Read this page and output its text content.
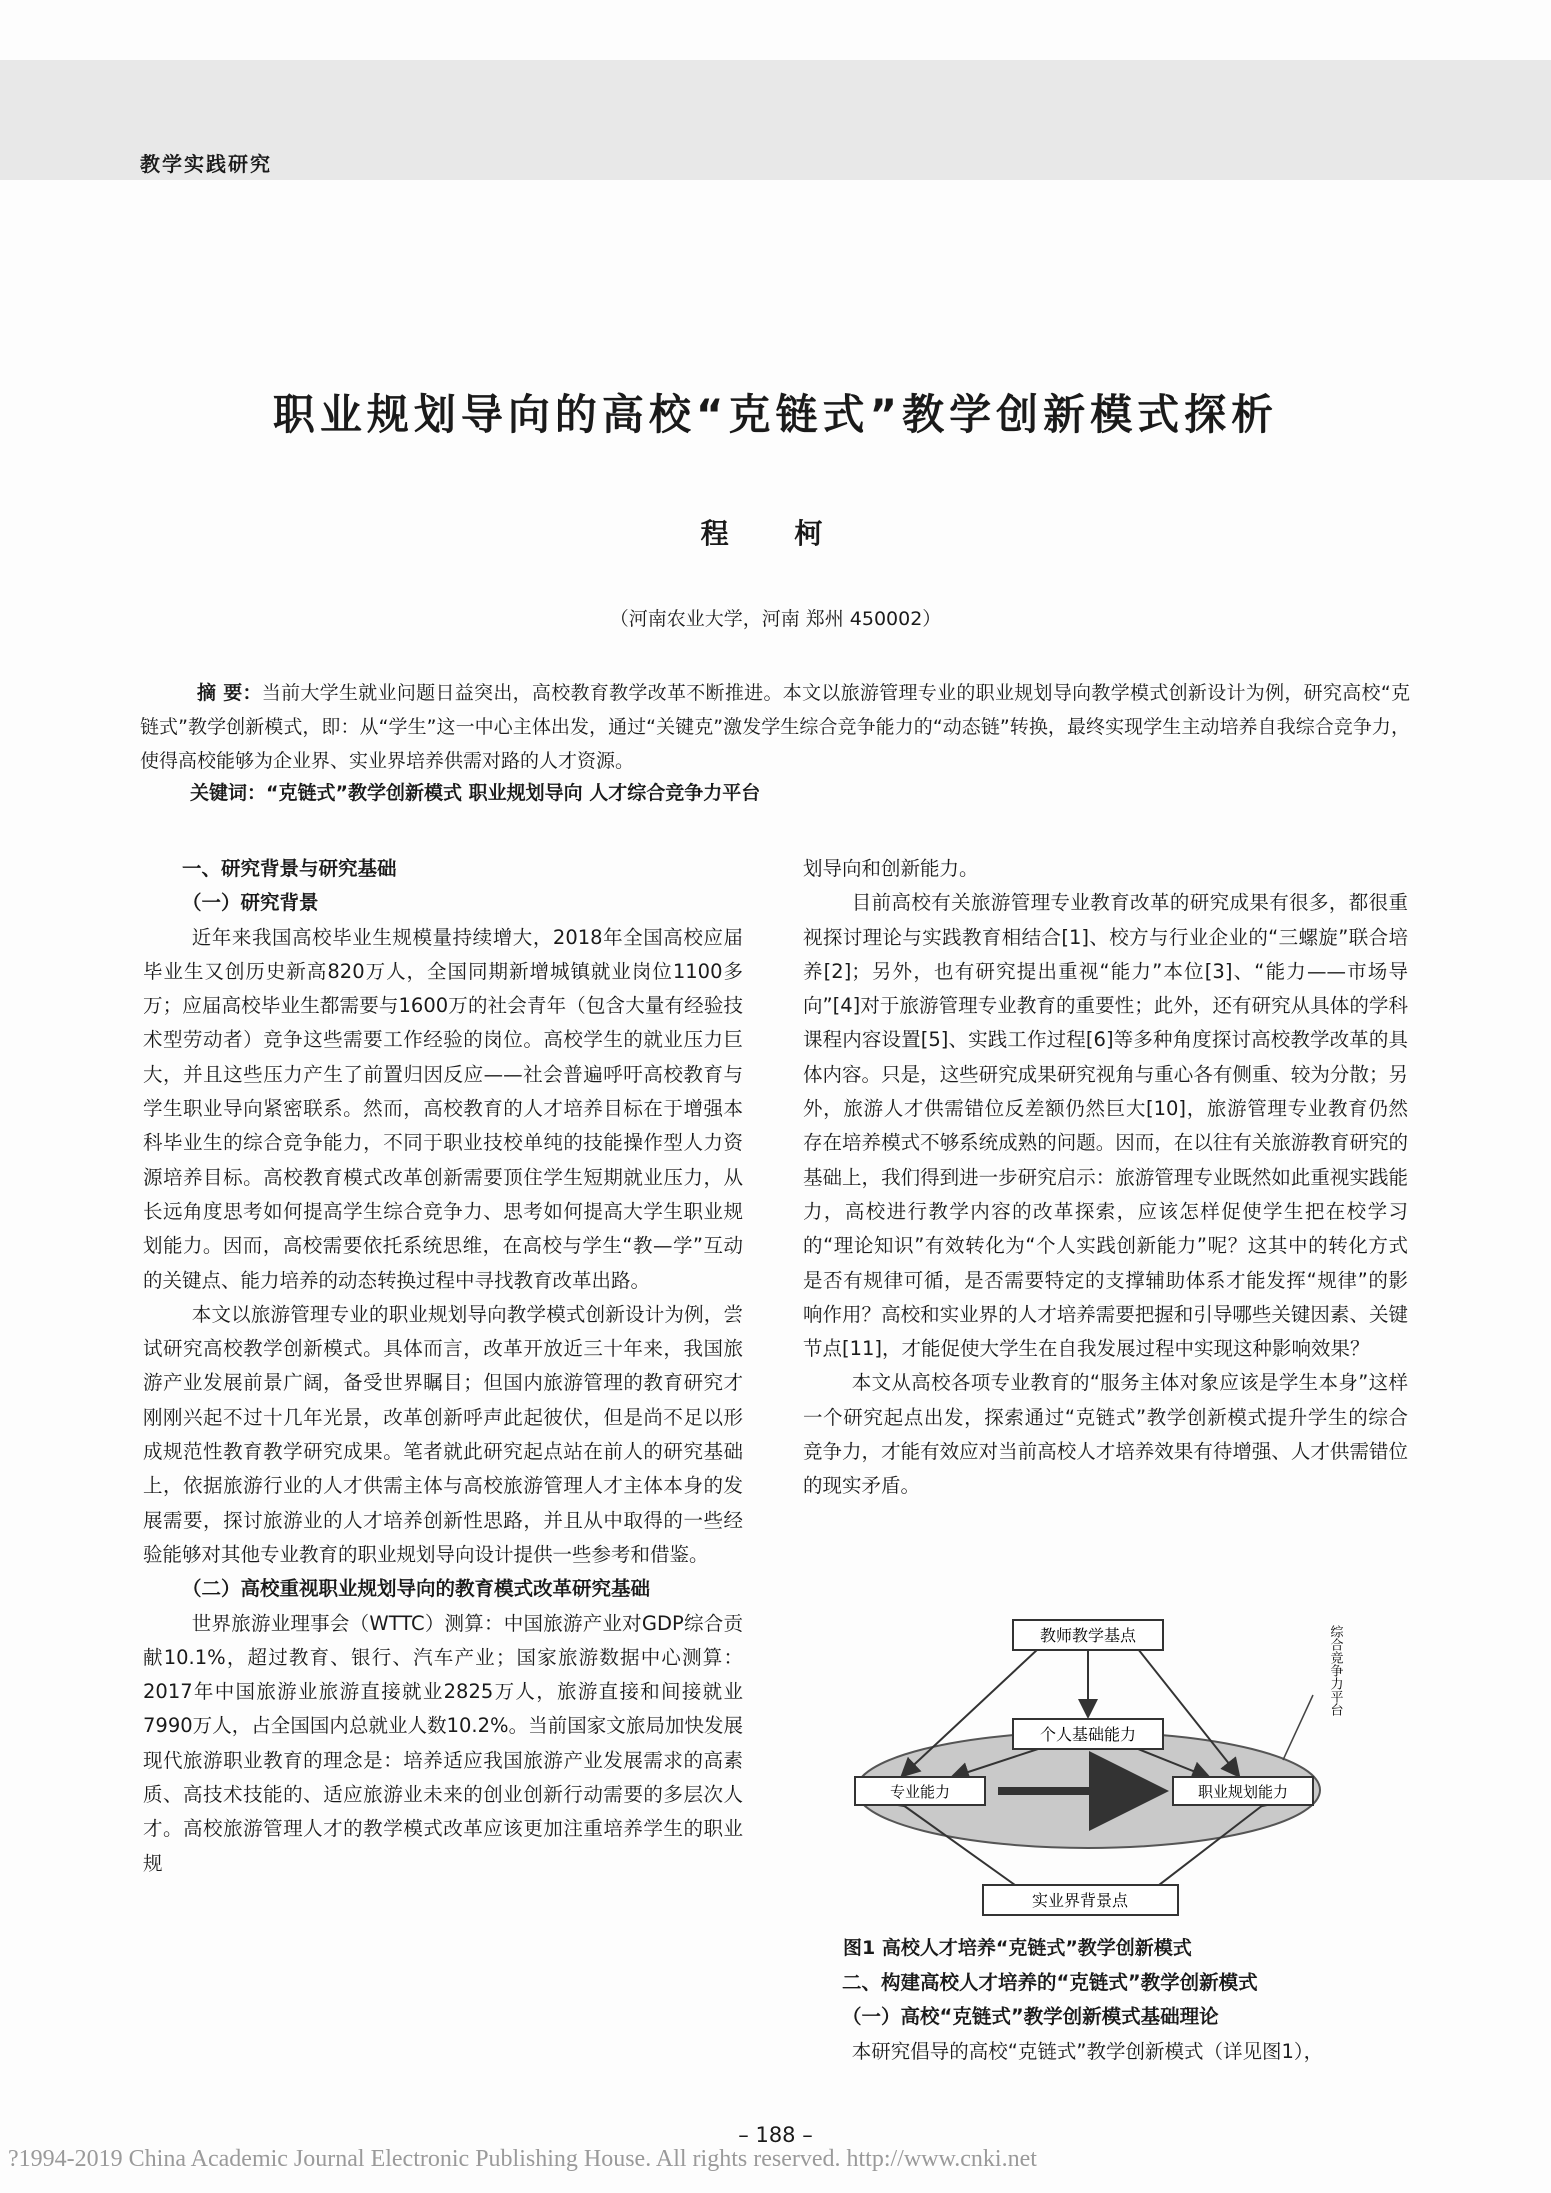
教学实践研究
职业规划导向的高校“克链式”教学创新模式探析
程 柯
（河南农业大学，河南 郑州 450002）

摘 要：当前大学生就业问题日益突出，高校教育教学改革不断推进。本文以旅游管理专业的职业规划导向教学模式创新设计为例，研究高校“克链式”教学创新模式，即：从“学生”这一中心主体出发，通过“关键克”激发学生综合竞争能力的“动态链”转换，最终实现学生主动培养自我综合竞争力，使得高校能够为企业界、实业界培养供需对路的人才资源。

关键词：“克链式”教学创新模式 职业规划导向 人才综合竞争力平台

一、研究背景与研究基础

（一）研究背景

近年来我国高校毕业生规模量持续增大，2018年全国高校应届毕业生又创历史新高820万人，全国同期新增城镇就业岗位1100多万；应届高校毕业生都需要与1600万的社会青年（包含大量有经验技术型劳动者）竞争这些需要工作经验的岗位。高校学生的就业压力巨大，并且这些压力产生了前置归因反应——社会普遍呼吁高校教育与学生职业导向紧密联系。然而，高校教育的人才培养目标在于增强本科毕业生的综合竞争能力，不同于职业技校单纯的技能操作型人力资源培养目标。高校教育模式改革创新需要顶住学生短期就业压力，从长远角度思考如何提高学生综合竞争力、思考如何提高大学生职业规划能力。因而，高校需要依托系统思维，在高校与学生“教—学”互动的关键点、能力培养的动态转换过程中寻找教育改革出路。

本文以旅游管理专业的职业规划导向教学模式创新设计为例，尝试研究高校教学创新模式。具体而言，改革开放近三十年来，我国旅游产业发展前景广阔，备受世界瞩目；但国内旅游管理的教育研究才刚刚兴起不过十几年光景，改革创新呼声此起彼伏，但是尚不足以形成规范性教育教学研究成果。笔者就此研究起点站在前人的研究基础上，依据旅游行业的人才供需主体与高校旅游管理人才主体本身的发展需要，探讨旅游业的人才培养创新性思路，并且从中取得的一些经验能够对其他专业教育的职业规划导向设计提供一些参考和借鉴。

（二）高校重视职业规划导向的教育模式改革研究基础

世界旅游业理事会（WTTC）测算：中国旅游产业对GDP综合贡献10.1%，超过教育、银行、汽车产业；国家旅游数据中心测算：2017年中国旅游业旅游直接就业2825万人，旅游直接和间接就业7990万人，占全国国内总就业人数10.2%。当前国家文旅局加快发展现代旅游职业教育的理念是：培养适应我国旅游产业发展需求的高素质、高技术技能的、适应旅游业未来的创业创新行动需要的多层次人才。高校旅游管理人才的教学模式改革应该更加注重培养学生的职业规

划导向和创新能力。

目前高校有关旅游管理专业教育改革的研究成果有很多，都很重视探讨理论与实践教育相结合[1]、校方与行业企业的“三螺旋”联合培养[2]；另外，也有研究提出重视“能力”本位[3]、“能力——市场导向”[4]对于旅游管理专业教育的重要性；此外，还有研究从具体的学科课程内容设置[5]、实践工作过程[6]等多种角度探讨高校教学改革的具体内容。只是，这些研究成果研究视角与重心各有侧重、较为分散；另外，旅游人才供需错位反差额仍然巨大[10]，旅游管理专业教育仍然存在培养模式不够系统成熟的问题。因而，在以往有关旅游教育研究的基础上，我们得到进一步研究启示：旅游管理专业既然如此重视实践能力，高校进行教学内容的改革探索，应该怎样促使学生把在校学习的“理论知识”有效转化为“个人实践创新能力”呢？这其中的转化方式是否有规律可循，是否需要特定的支撑辅助体系才能发挥“规律”的影响作用？高校和实业界的人才培养需要把握和引导哪些关键因素、关键节点[11]，才能促使大学生在自我发展过程中实现这种影响效果？

本文从高校各项专业教育的“服务主体对象应该是学生本身”这样一个研究起点出发，探索通过“克链式”教学创新模式提升学生的综合竞争力，才能有效应对当前高校人才培养效果有待增强、人才供需错位的现实矛盾。

教师教学基点
个人基础能力
专业能力	职业规划能力
实业界背景点
综合竞争力平台
图1 高校人才培养“克链式”教学创新模式

二、构建高校人才培养的“克链式”教学创新模式

（一）高校“克链式”教学创新模式基础理论

本研究倡导的高校“克链式”教学创新模式（详见图1），

– 188 –
?1994-2019 China Academic Journal Electronic Publishing House. All rights reserved. http://www.cnki.net
